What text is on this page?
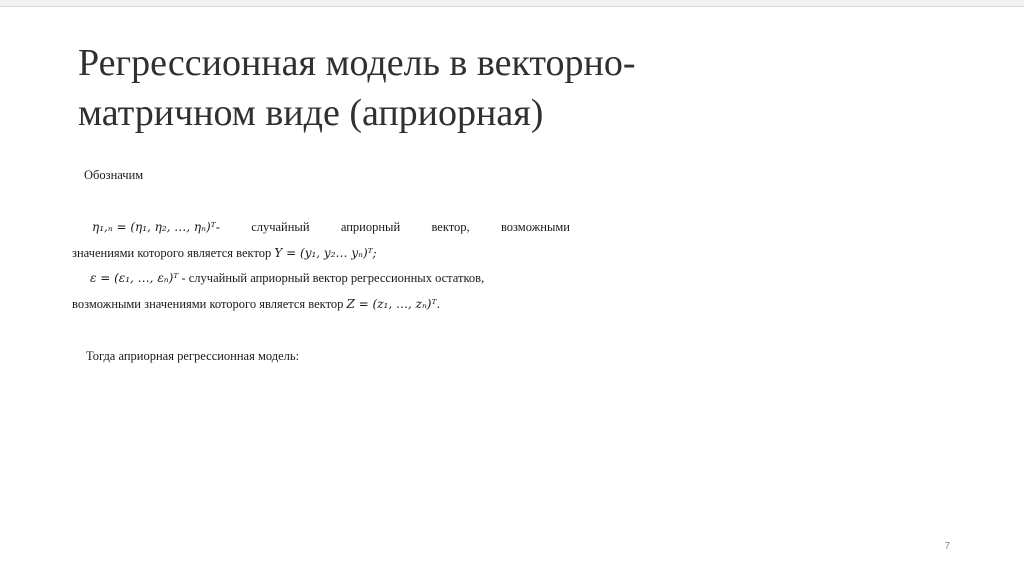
Регрессионная модель в векторно-
матричном виде (априорная)
Обозначим
η₁,ₙ = (η₁, η₂, …, ηₙ)ᵀ-	случайный	априорный	вектор,	возможными
значениями которого является вектор Y = (y₁, y₂… yₙ)ᵀ;
ε = (ε₁, …, εₙ)ᵀ - случайный априорный вектор регрессионных остатков,
возможными значениями которого является вектор Z = (z₁, …, zₙ)ᵀ.
Тогда априорная регрессионная модель:
7
